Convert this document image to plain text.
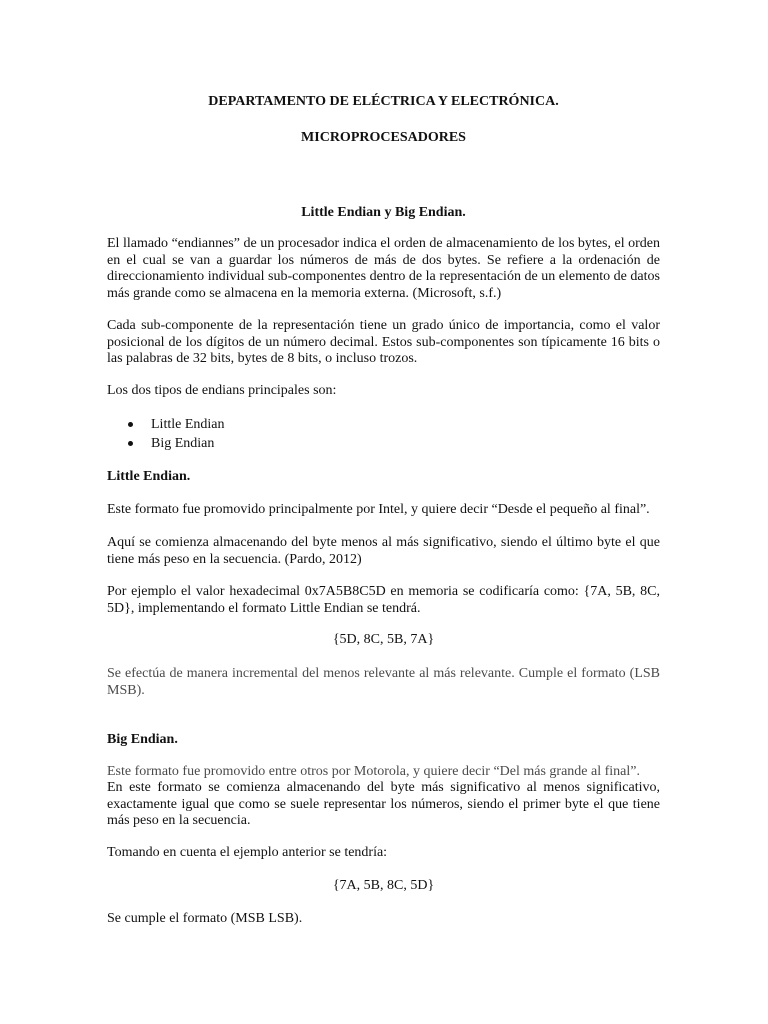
DEPARTAMENTO DE ELÉCTRICA Y ELECTRÓNICA.

MICROPROCESADORES

Little Endian y Big Endian.

El llamado “endiannes” de un procesador indica el orden de almacenamiento de los bytes, el orden en el cual se van a guardar los números de más de dos bytes. Se refiere a la ordenación de direccionamiento individual sub-componentes dentro de la representación de un elemento de datos más grande como se almacena en la memoria externa. (Microsoft, s.f.)

Cada sub-componente de la representación tiene un grado único de importancia, como el valor posicional de los dígitos de un número decimal. Estos sub-componentes son típicamente 16 bits o las palabras de 32 bits, bytes de 8 bits, o incluso trozos.

Los dos tipos de endians principales son:

Little Endian
Big Endian

Little Endian.

Este formato fue promovido principalmente por Intel, y quiere decir “Desde el pequeño al final”.

Aquí se comienza almacenando del byte menos al más significativo, siendo el último byte el que tiene más peso en la secuencia. (Pardo, 2012)

Por ejemplo el valor hexadecimal 0x7A5B8C5D en memoria se codificaría como: {7A, 5B, 8C, 5D}, implementando el formato Little Endian se tendrá.

{5D, 8C, 5B, 7A}

Se efectúa de manera incremental del menos relevante al más relevante. Cumple el formato (LSB MSB).

Big Endian.

Este formato fue promovido entre otros por Motorola, y quiere decir “Del más grande al final”.

En este formato se comienza almacenando del byte más significativo al menos significativo, exactamente igual que como se suele representar los números, siendo el primer byte el que tiene más peso en la secuencia.

Tomando en cuenta el ejemplo anterior se tendría:

{7A, 5B, 8C, 5D}

Se cumple el formato (MSB LSB).
